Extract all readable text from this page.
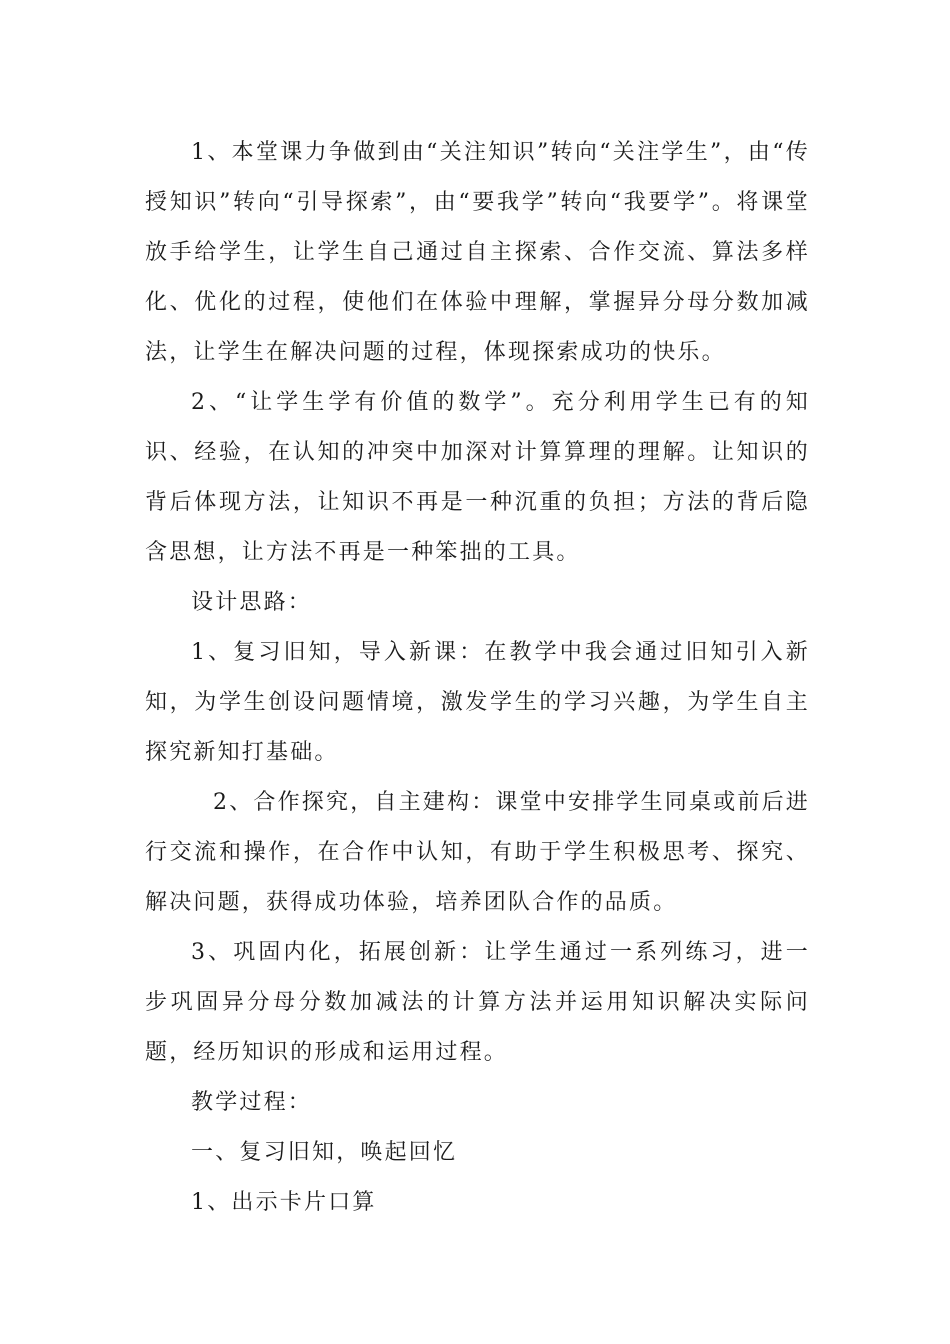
1、本堂课力争做到由“关注知识”转向“关注学生”，由“传授知识”转向“引导探索”，由“要我学”转向“我要学”。将课堂放手给学生，让学生自己通过自主探索、合作交流、算法多样化、优化的过程，使他们在体验中理解，掌握异分母分数加减法，让学生在解决问题的过程，体现探索成功的快乐。

2、“让学生学有价值的数学”。充分利用学生已有的知识、经验，在认知的冲突中加深对计算算理的理解。让知识的背后体现方法，让知识不再是一种沉重的负担；方法的背后隐含思想，让方法不再是一种笨拙的工具。

设计思路：

1、复习旧知，导入新课：在教学中我会通过旧知引入新知，为学生创设问题情境，激发学生的学习兴趣，为学生自主探究新知打基础。

2、合作探究，自主建构：课堂中安排学生同桌或前后进行交流和操作，在合作中认知，有助于学生积极思考、探究、解决问题，获得成功体验，培养团队合作的品质。

3、巩固内化，拓展创新：让学生通过一系列练习，进一步巩固异分母分数加减法的计算方法并运用知识解决实际问题，经历知识的形成和运用过程。

教学过程：

一、复习旧知，唤起回忆

1、出示卡片口算
